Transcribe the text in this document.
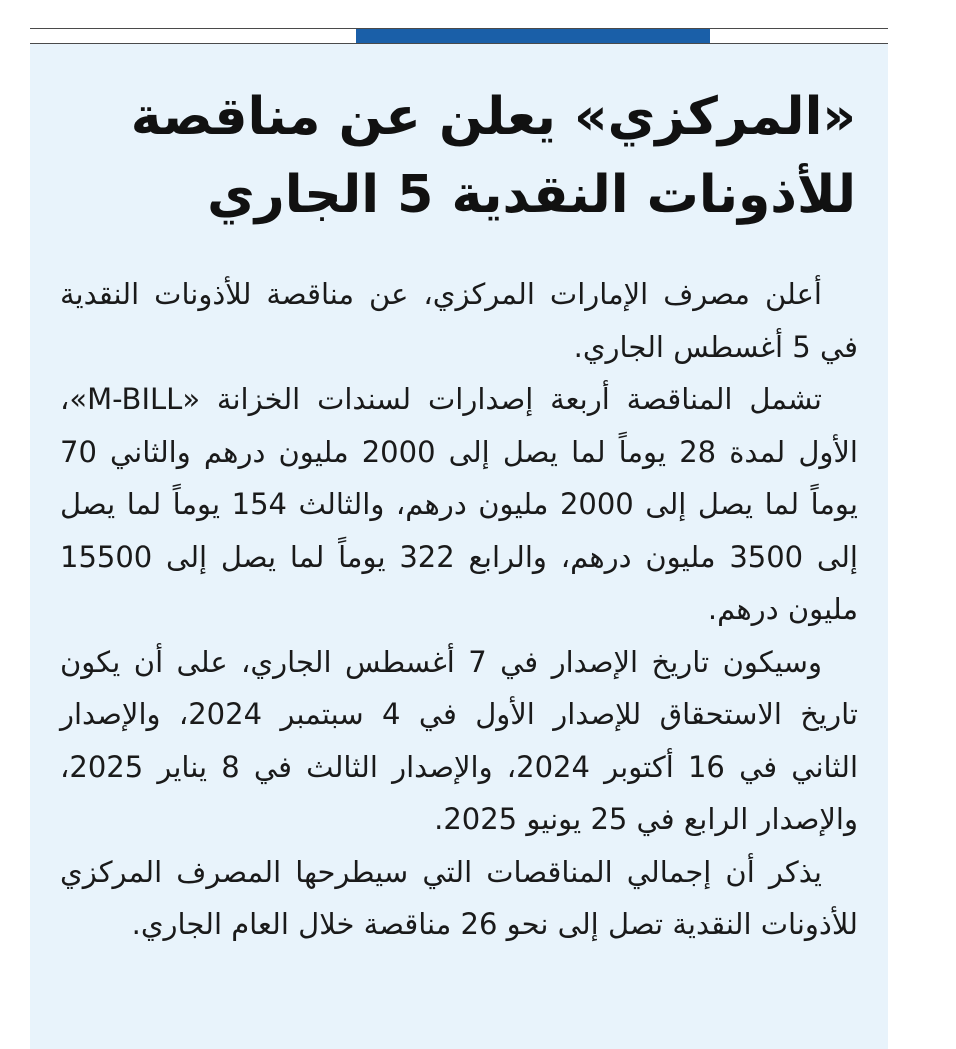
«المركزي» يعلن عن مناقصة
للأذونات النقدية 5 الجاري

أعلن مصرف الإمارات المركزي، عن مناقصة للأذونات النقدية في 5 أغسطس الجاري.

تشمل المناقصة أربعة إصدارات لسندات الخزانة «M-BILL»، الأول لمدة 28 يوماً لما يصل إلى 2000 مليون درهم والثاني 70 يوماً لما يصل إلى 2000 مليون درهم، والثالث 154 يوماً لما يصل إلى 3500 مليون درهم، والرابع 322 يوماً لما يصل إلى 15500 مليون درهم.

وسيكون تاريخ الإصدار في 7 أغسطس الجاري، على أن يكون تاريخ الاستحقاق للإصدار الأول في 4 سبتمبر 2024، والإصدار الثاني في 16 أكتوبر 2024، والإصدار الثالث في 8 يناير 2025، والإصدار الرابع في 25 يونيو 2025.

يذكر أن إجمالي المناقصات التي سيطرحها المصرف المركزي للأذونات النقدية تصل إلى نحو 26 مناقصة خلال العام الجاري.
